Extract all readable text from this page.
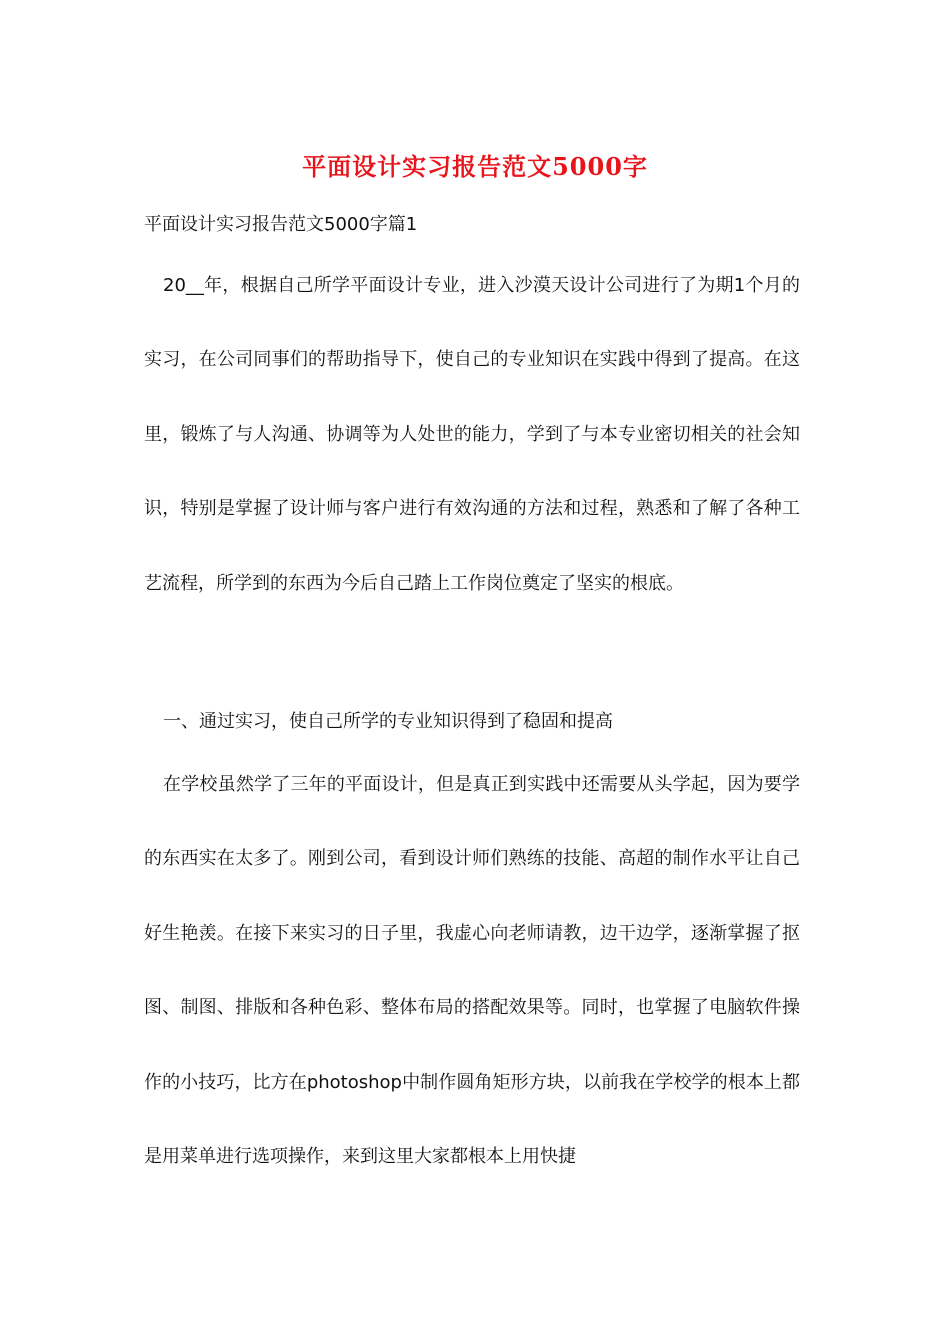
平面设计实习报告范文5000字

平面设计实习报告范文5000字篇1

20__年，根据自己所学平面设计专业，进入沙漠天设计公司进行了为期1个月的实习，在公司同事们的帮助指导下，使自己的专业知识在实践中得到了提高。在这里，锻炼了与人沟通、协调等为人处世的能力，学到了与本专业密切相关的社会知识，特别是掌握了设计师与客户进行有效沟通的方法和过程，熟悉和了解了各种工艺流程，所学到的东西为今后自己踏上工作岗位奠定了坚实的根底。

一、通过实习，使自己所学的专业知识得到了稳固和提高

在学校虽然学了三年的平面设计，但是真正到实践中还需要从头学起，因为要学的东西实在太多了。刚到公司，看到设计师们熟练的技能、高超的制作水平让自己好生艳羡。在接下来实习的日子里，我虚心向老师请教，边干边学，逐渐掌握了抠图、制图、排版和各种色彩、整体布局的搭配效果等。同时，也掌握了电脑软件操作的小技巧，比方在photoshop中制作圆角矩形方块，以前我在学校学的根本上都是用菜单进行选项操作，来到这里大家都根本上用快捷
